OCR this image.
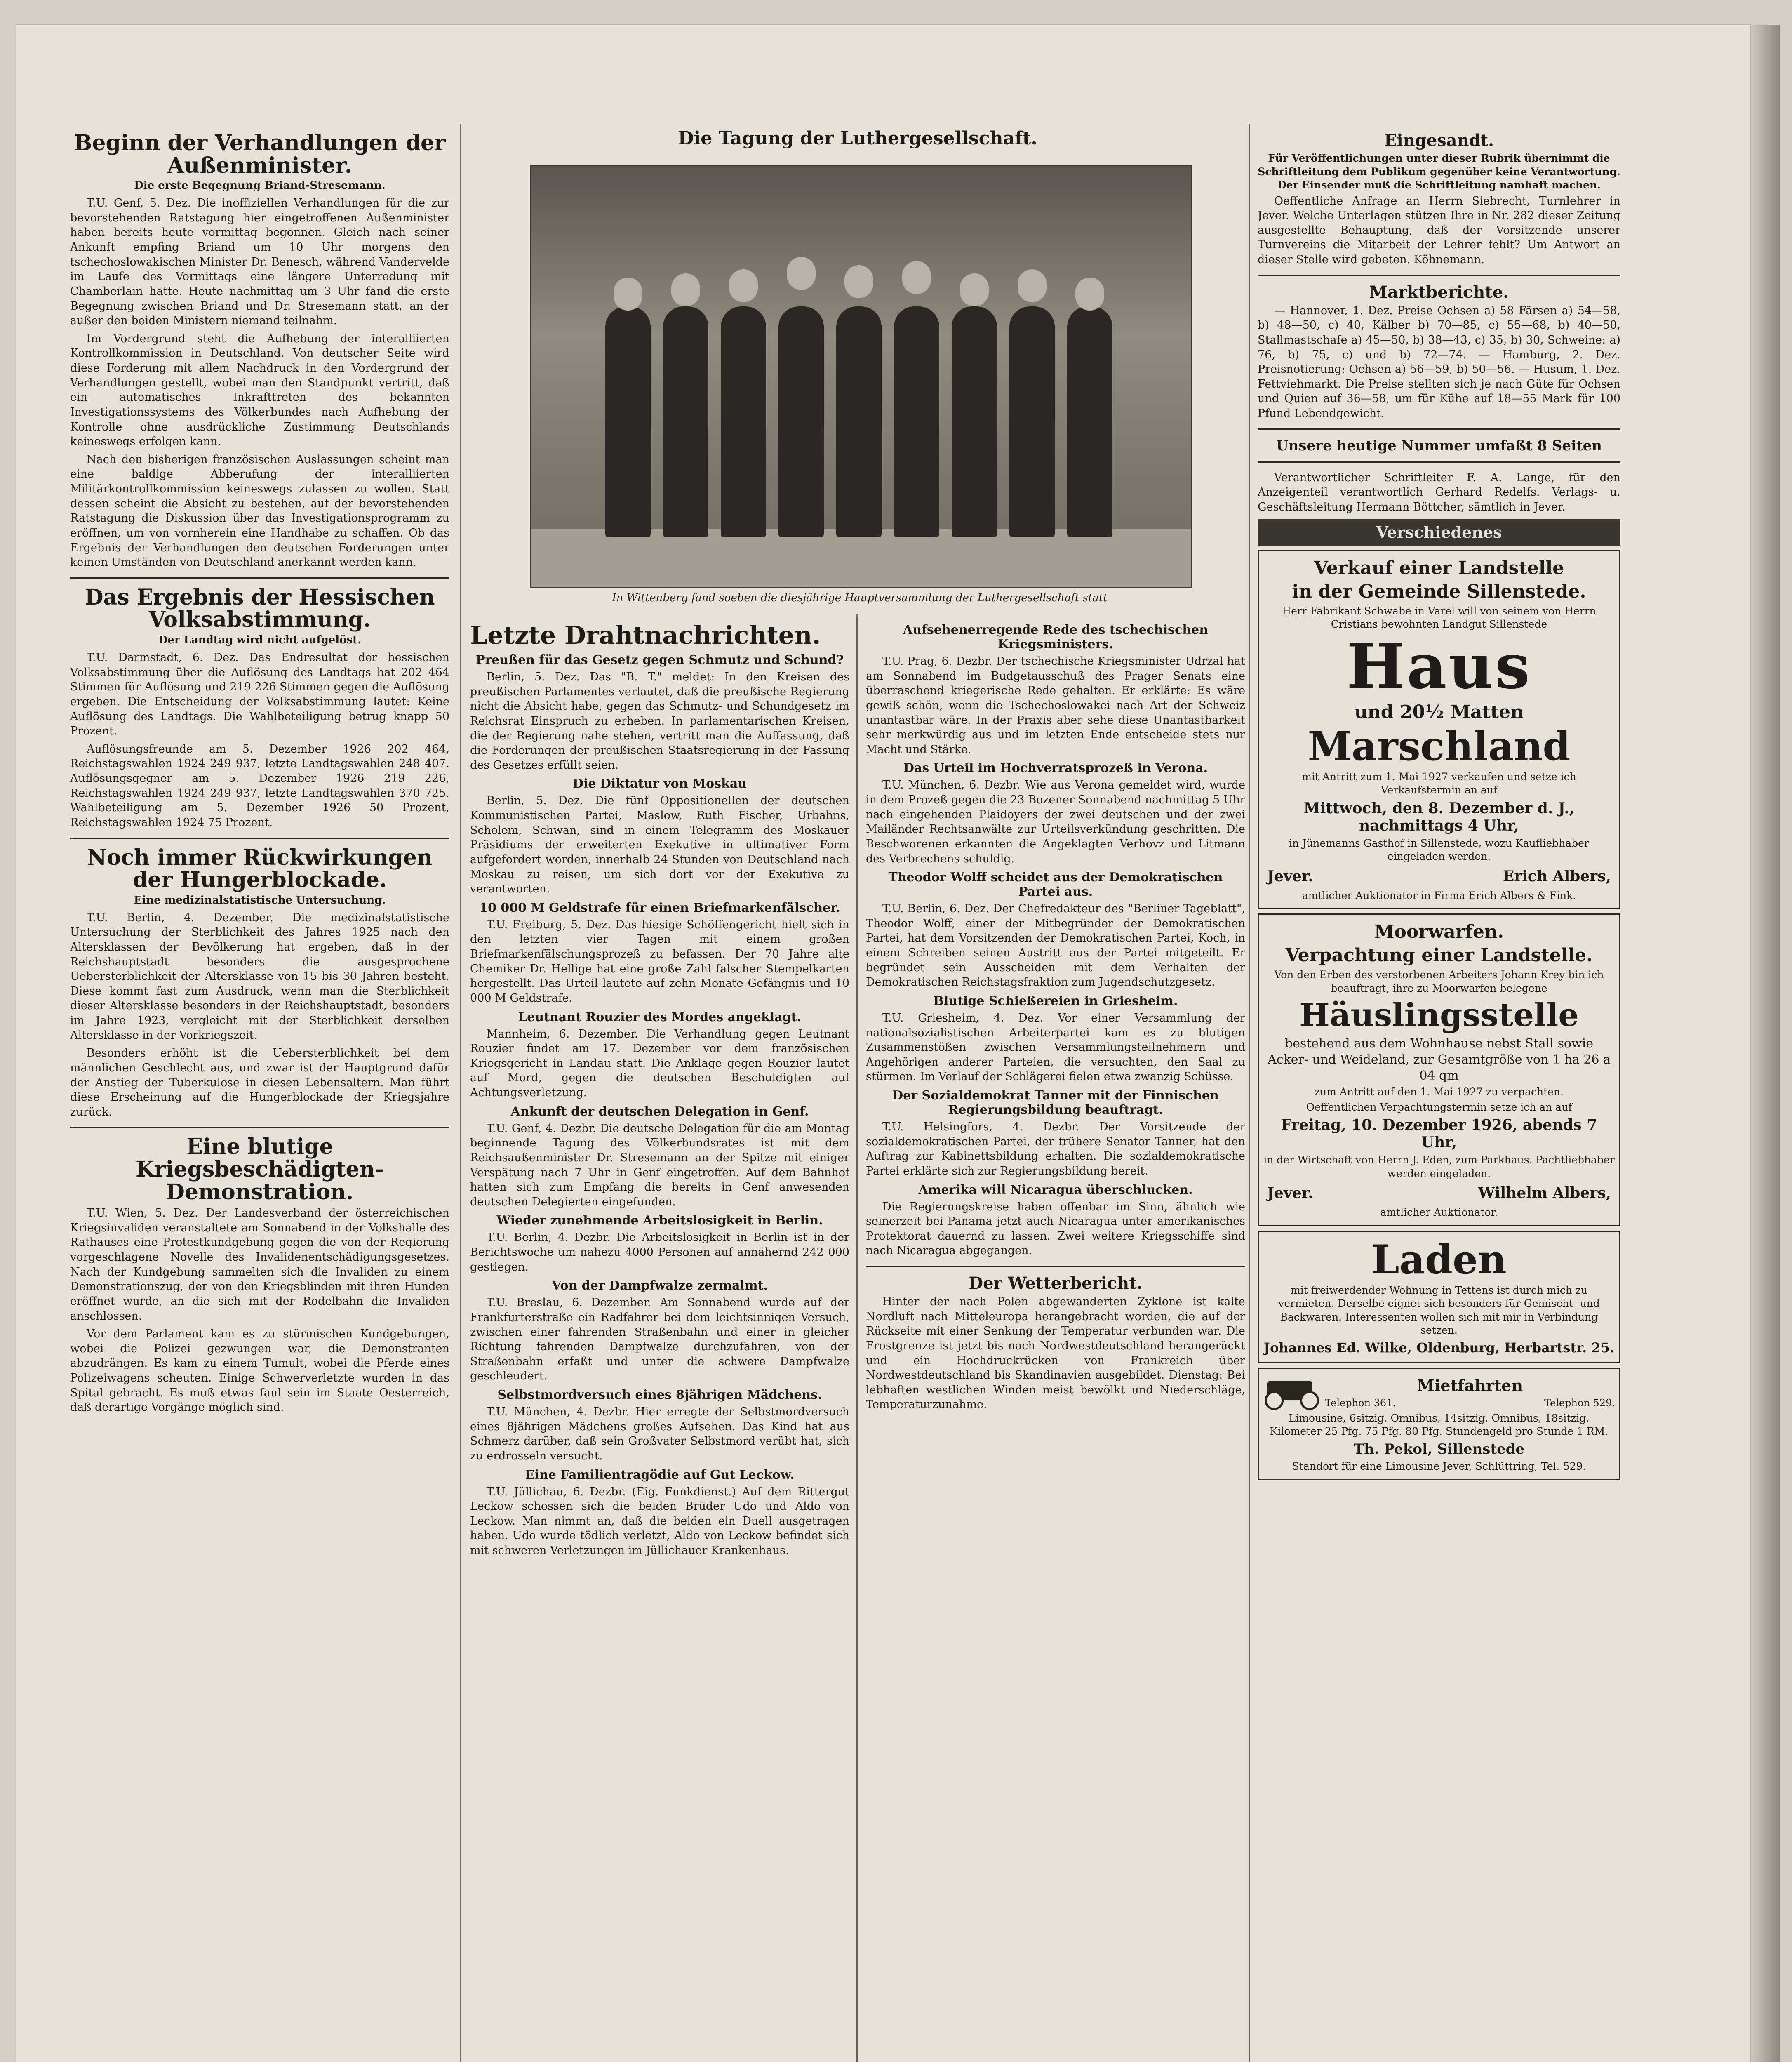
Beginn der Verhandlungen der Außenminister.
Die erste Begegnung Briand-Stresemann.

T.U. Genf, 5. Dez. Die inoffiziellen Verhandlungen für die zur bevorstehenden Ratstagung hier eingetroffenen Außenminister haben bereits heute vormittag begonnen. Gleich nach seiner Ankunft empfing Briand um 10 Uhr morgens den tschechoslowakischen Minister Dr. Benesch, während Vandervelde im Laufe des Vormittags eine längere Unterredung mit Chamberlain hatte. Heute nachmittag um 3 Uhr fand die erste Begegnung zwischen Briand und Dr. Stresemann statt, an der außer den beiden Ministern niemand teilnahm.

Im Vordergrund steht die Aufhebung der interalliierten Kontrollkommission in Deutschland. Von deutscher Seite wird diese Forderung mit allem Nachdruck in den Vordergrund der Verhandlungen gestellt, wobei man den Standpunkt vertritt, daß ein automatisches Inkrafttreten des bekannten Investigationssystems des Völkerbundes nach Aufhebung der Kontrolle ohne ausdrückliche Zustimmung Deutschlands keineswegs erfolgen kann.

Nach den bisherigen französischen Auslassungen scheint man eine baldige Abberufung der interalliierten Militärkontrollkommission keineswegs zulassen zu wollen. Statt dessen scheint die Absicht zu bestehen, auf der bevorstehenden Ratstagung die Diskussion über das Investigationsprogramm zu eröffnen, um von vornherein eine Handhabe zu schaffen. Ob das Ergebnis der Verhandlungen den deutschen Forderungen unter keinen Umständen von Deutschland anerkannt werden kann.

Das Ergebnis der Hessischen Volksabstimmung.
Der Landtag wird nicht aufgelöst.

T.U. Darmstadt, 6. Dez. Das Endresultat der hessischen Volksabstimmung über die Auflösung des Landtags hat 202 464 Stimmen für Auflösung und 219 226 Stimmen gegen die Auflösung ergeben. Die Entscheidung der Volksabstimmung lautet: Keine Auflösung des Landtags. Die Wahlbeteiligung betrug knapp 50 Prozent.

Auflösungsfreunde am 5. Dezember 1926 202 464, Reichstagswahlen 1924 249 937, letzte Landtagswahlen 248 407. Auflösungsgegner am 5. Dezember 1926 219 226, Reichstagswahlen 1924 249 937, letzte Landtagswahlen 370 725. Wahlbeteiligung am 5. Dezember 1926 50 Prozent, Reichstagswahlen 1924 75 Prozent.

Noch immer Rückwirkungen der Hungerblockade.
Eine medizinalstatistische Untersuchung.

T.U. Berlin, 4. Dezember. Die medizinalstatistische Untersuchung der Sterblichkeit des Jahres 1925 nach den Altersklassen der Bevölkerung hat ergeben, daß in der Reichshauptstadt besonders die ausgesprochene Uebersterblichkeit der Altersklasse von 15 bis 30 Jahren besteht. Diese kommt fast zum Ausdruck, wenn man die Sterblichkeit dieser Altersklasse besonders in der Reichshauptstadt, besonders im Jahre 1923, vergleicht mit der Sterblichkeit derselben Altersklasse in der Vorkriegszeit.

Besonders erhöht ist die Uebersterblichkeit bei dem männlichen Geschlecht aus, und zwar ist der Hauptgrund dafür der Anstieg der Tuberkulose in diesen Lebensaltern. Man führt diese Erscheinung auf die Hungerblockade der Kriegsjahre zurück.

Eine blutige Kriegsbeschädigten-Demonstration.

T.U. Wien, 5. Dez. Der Landesverband der österreichischen Kriegsinvaliden veranstaltete am Sonnabend in der Volkshalle des Rathauses eine Protestkundgebung gegen die von der Regierung vorgeschlagene Novelle des Invalidenentschädigungsgesetzes. Nach der Kundgebung sammelten sich die Invaliden zu einem Demonstrationszug, der von den Kriegsblinden mit ihren Hunden eröffnet wurde, an die sich mit der Rodelbahn die Invaliden anschlossen.

Vor dem Parlament kam es zu stürmischen Kundgebungen, wobei die Polizei gezwungen war, die Demonstranten abzudrängen. Es kam zu einem Tumult, wobei die Pferde eines Polizeiwagens scheuten. Einige Schwerverletzte wurden in das Spital gebracht. Es muß etwas faul sein im Staate Oesterreich, daß derartige Vorgänge möglich sind.

Die Tagung der Luthergesellschaft.
In Wittenberg fand soeben die diesjährige Hauptversammlung der Luthergesellschaft statt
Letzte Drahtnachrichten.
Preußen für das Gesetz gegen Schmutz und Schund?

Berlin, 5. Dez. Das "B. T." meldet: In den Kreisen des preußischen Parlamentes verlautet, daß die preußische Regierung nicht die Absicht habe, gegen das Schmutz- und Schundgesetz im Reichsrat Einspruch zu erheben. In parlamentarischen Kreisen, die der Regierung nahe stehen, vertritt man die Auffassung, daß die Forderungen der preußischen Staatsregierung in der Fassung des Gesetzes erfüllt seien.

Die Diktatur von Moskau

Berlin, 5. Dez. Die fünf Oppositionellen der deutschen Kommunistischen Partei, Maslow, Ruth Fischer, Urbahns, Scholem, Schwan, sind in einem Telegramm des Moskauer Präsidiums der erweiterten Exekutive in ultimativer Form aufgefordert worden, innerhalb 24 Stunden von Deutschland nach Moskau zu reisen, um sich dort vor der Exekutive zu verantworten.

10 000 M Geldstrafe für einen Briefmarkenfälscher.

T.U. Freiburg, 5. Dez. Das hiesige Schöffengericht hielt sich in den letzten vier Tagen mit einem großen Briefmarkenfälschungsprozeß zu befassen. Der 70 Jahre alte Chemiker Dr. Hellige hat eine große Zahl falscher Stempelkarten hergestellt. Das Urteil lautete auf zehn Monate Gefängnis und 10 000 M Geldstrafe.

Leutnant Rouzier des Mordes angeklagt.

Mannheim, 6. Dezember. Die Verhandlung gegen Leutnant Rouzier findet am 17. Dezember vor dem französischen Kriegsgericht in Landau statt. Die Anklage gegen Rouzier lautet auf Mord, gegen die deutschen Beschuldigten auf Achtungsverletzung.

Ankunft der deutschen Delegation in Genf.

T.U. Genf, 4. Dezbr. Die deutsche Delegation für die am Montag beginnende Tagung des Völkerbundsrates ist mit dem Reichsaußenminister Dr. Stresemann an der Spitze mit einiger Verspätung nach 7 Uhr in Genf eingetroffen. Auf dem Bahnhof hatten sich zum Empfang die bereits in Genf anwesenden deutschen Delegierten eingefunden.

Wieder zunehmende Arbeitslosigkeit in Berlin.

T.U. Berlin, 4. Dezbr. Die Arbeitslosigkeit in Berlin ist in der Berichtswoche um nahezu 4000 Personen auf annähernd 242 000 gestiegen.

Von der Dampfwalze zermalmt.

T.U. Breslau, 6. Dezember. Am Sonnabend wurde auf der Frankfurterstraße ein Radfahrer bei dem leichtsinnigen Versuch, zwischen einer fahrenden Straßenbahn und einer in gleicher Richtung fahrenden Dampfwalze durchzufahren, von der Straßenbahn erfaßt und unter die schwere Dampfwalze geschleudert.

Selbstmordversuch eines 8jährigen Mädchens.

T.U. München, 4. Dezbr. Hier erregte der Selbstmordversuch eines 8jährigen Mädchens großes Aufsehen. Das Kind hat aus Schmerz darüber, daß sein Großvater Selbstmord verübt hat, sich zu erdrosseln versucht.

Eine Familientragödie auf Gut Leckow.

T.U. Jüllichau, 6. Dezbr. (Eig. Funkdienst.) Auf dem Rittergut Leckow schossen sich die beiden Brüder Udo und Aldo von Leckow. Man nimmt an, daß die beiden ein Duell ausgetragen haben. Udo wurde tödlich verletzt, Aldo von Leckow befindet sich mit schweren Verletzungen im Jüllichauer Krankenhaus.

Aufsehenerregende Rede des tschechischen Kriegsministers.

T.U. Prag, 6. Dezbr. Der tschechische Kriegsminister Udrzal hat am Sonnabend im Budgetausschuß des Prager Senats eine überraschend kriegerische Rede gehalten. Er erklärte: Es wäre gewiß schön, wenn die Tschechoslowakei nach Art der Schweiz unantastbar wäre. In der Praxis aber sehe diese Unantastbarkeit sehr merkwürdig aus und im letzten Ende entscheide stets nur Macht und Stärke.

Das Urteil im Hochverratsprozeß in Verona.

T.U. München, 6. Dezbr. Wie aus Verona gemeldet wird, wurde in dem Prozeß gegen die 23 Bozener Sonnabend nachmittag 5 Uhr nach eingehenden Plaidoyers der zwei deutschen und der zwei Mailänder Rechtsanwälte zur Urteilsverkündung geschritten. Die Beschworenen erkannten die Angeklagten Verhovz und Litmann des Verbrechens schuldig.

Theodor Wolff scheidet aus der Demokratischen Partei aus.

T.U. Berlin, 6. Dez. Der Chefredakteur des "Berliner Tageblatt", Theodor Wolff, einer der Mitbegründer der Demokratischen Partei, hat dem Vorsitzenden der Demokratischen Partei, Koch, in einem Schreiben seinen Austritt aus der Partei mitgeteilt. Er begründet sein Ausscheiden mit dem Verhalten der Demokratischen Reichstagsfraktion zum Jugendschutzgesetz.

Blutige Schießereien in Griesheim.

T.U. Griesheim, 4. Dez. Vor einer Versammlung der nationalsozialistischen Arbeiterpartei kam es zu blutigen Zusammenstößen zwischen Versammlungsteilnehmern und Angehörigen anderer Parteien, die versuchten, den Saal zu stürmen. Im Verlauf der Schlägerei fielen etwa zwanzig Schüsse.

Der Sozialdemokrat Tanner mit der Finnischen Regierungsbildung beauftragt.

T.U. Helsingfors, 4. Dezbr. Der Vorsitzende der sozialdemokratischen Partei, der frühere Senator Tanner, hat den Auftrag zur Kabinettsbildung erhalten. Die sozialdemokratische Partei erklärte sich zur Regierungsbildung bereit.

Amerika will Nicaragua überschlucken.

Die Regierungskreise haben offenbar im Sinn, ähnlich wie seinerzeit bei Panama jetzt auch Nicaragua unter amerikanisches Protektorat dauernd zu lassen. Zwei weitere Kriegsschiffe sind nach Nicaragua abgegangen.

Der Wetterbericht.

Hinter der nach Polen abgewanderten Zyklone ist kalte Nordluft nach Mitteleuropa herangebracht worden, die auf der Rückseite mit einer Senkung der Temperatur verbunden war. Die Frostgrenze ist jetzt bis nach Nordwestdeutschland herangerückt und ein Hochdruckrücken von Frankreich über Nordwestdeutschland bis Skandinavien ausgebildet. Dienstag: Bei lebhaften westlichen Winden meist bewölkt und Niederschläge, Temperaturzunahme.

Eingesandt.
Für Veröffentlichungen unter dieser Rubrik übernimmt die Schriftleitung dem Publikum gegenüber keine Verantwortung. Der Einsender muß die Schriftleitung namhaft machen.

Oeffentliche Anfrage an Herrn Siebrecht, Turnlehrer in Jever. Welche Unterlagen stützen Ihre in Nr. 282 dieser Zeitung ausgestellte Behauptung, daß der Vorsitzende unserer Turnvereins die Mitarbeit der Lehrer fehlt? Um Antwort an dieser Stelle wird gebeten. Köhnemann.

Marktberichte.

— Hannover, 1. Dez. Preise Ochsen a) 58 Färsen a) 54—58, b) 48—50, c) 40, Kälber b) 70—85, c) 55—68, b) 40—50, Stallmastschafe a) 45—50, b) 38—43, c) 35, b) 30, Schweine: a) 76, b) 75, c) und b) 72—74. — Hamburg, 2. Dez. Preisnotierung: Ochsen a) 56—59, b) 50—56. — Husum, 1. Dez. Fettviehmarkt. Die Preise stellten sich je nach Güte für Ochsen und Quien auf 36—58, um für Kühe auf 18—55 Mark für 100 Pfund Lebendgewicht.

Unsere heutige Nummer umfaßt 8 Seiten

Verantwortlicher Schriftleiter F. A. Lange, für den Anzeigenteil verantwortlich Gerhard Redelfs. Verlags- u. Geschäftsleitung Hermann Böttcher, sämtlich in Jever.

Verschiedenes
Verkauf einer Landstelle
in der Gemeinde Sillenstede.
Herr Fabrikant Schwabe in Varel will von seinem von Herrn Cristians bewohnten Landgut Sillenstede
Haus
und 20½ Matten
Marschland
mit Antritt zum 1. Mai 1927 verkaufen und setze ich Verkaufstermin an auf
Mittwoch, den 8. Dezember d. J., nachmittags 4 Uhr,
in Jünemanns Gasthof in Sillenstede, wozu Kaufliebhaber eingeladen werden.
Jever.	Erich Albers,
amtlicher Auktionator in Firma Erich Albers & Fink.
Moorwarfen.
Verpachtung einer Landstelle.
Von den Erben des verstorbenen Arbeiters Johann Krey bin ich beauftragt, ihre zu Moorwarfen belegene
Häuslingsstelle
bestehend aus dem Wohnhause nebst Stall sowie Acker- und Weideland, zur Gesamtgröße von 1 ha 26 a 04 qm
zum Antritt auf den 1. Mai 1927 zu verpachten.
Oeffentlichen Verpachtungstermin setze ich an auf
Freitag, 10. Dezember 1926, abends 7 Uhr,
in der Wirtschaft von Herrn J. Eden, zum Parkhaus. Pachtliebhaber werden eingeladen.
Jever.	Wilhelm Albers,
amtlicher Auktionator.
Laden
mit freiwerdender Wohnung in Tettens ist durch mich zu vermieten. Derselbe eignet sich besonders für Gemischt- und Backwaren. Interessenten wollen sich mit mir in Verbindung setzen.
Johannes Ed. Wilke, Oldenburg, Herbartstr. 25.
Mietfahrten
Telephon 361.	Telephon 529.
Limousine, 6sitzig. Omnibus, 14sitzig. Omnibus, 18sitzig. Kilometer 25 Pfg. 75 Pfg. 80 Pfg. Stundengeld pro Stunde 1 RM.
Th. Pekol, Sillenstede
Standort für eine Limousine Jever, Schlüttring, Tel. 529.
